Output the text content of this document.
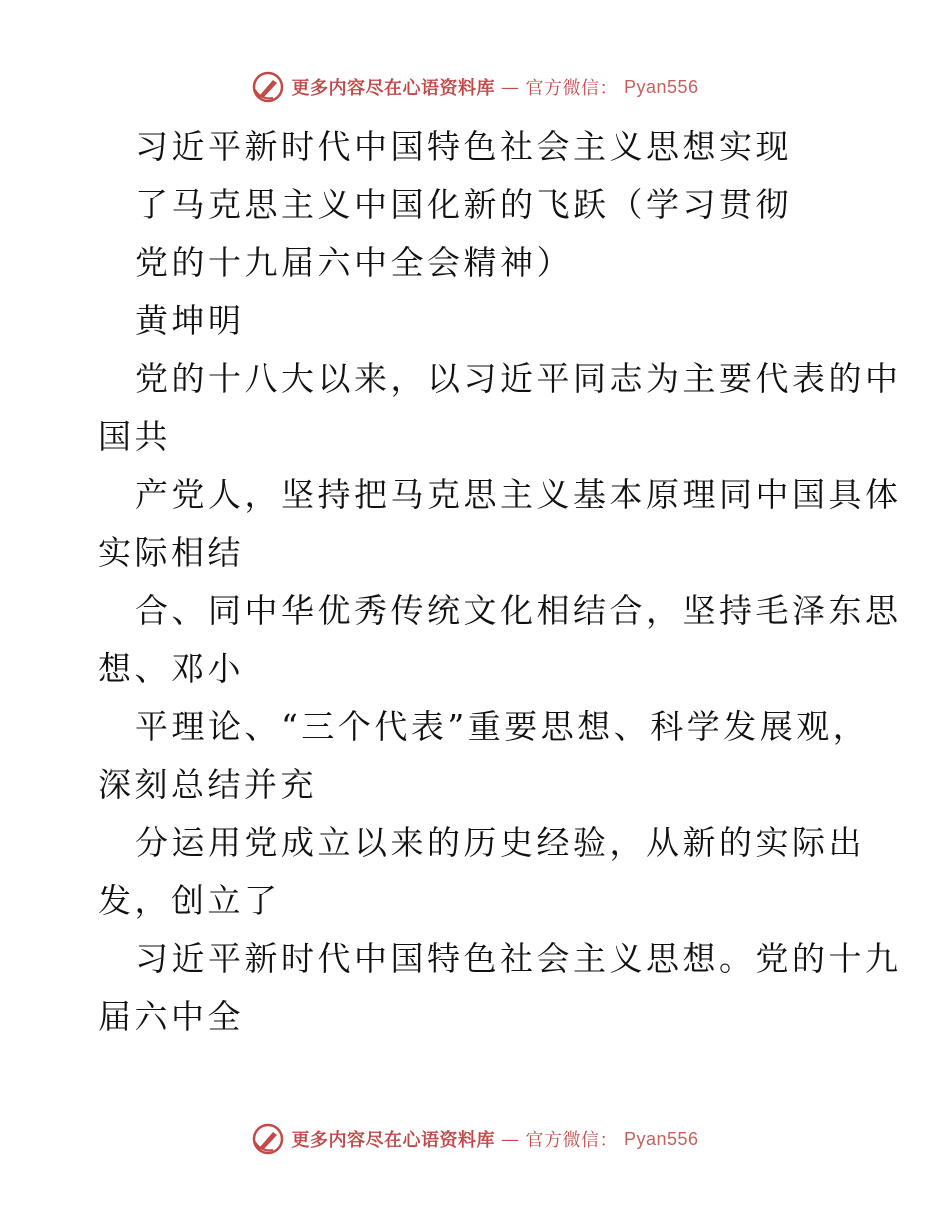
更多内容尽在心语资料库 — 官方微信： Pyan556
习近平新时代中国特色社会主义思想实现
了马克思主义中国化新的飞跃（学习贯彻
党的十九届六中全会精神）
黄坤明
党的十八大以来，以习近平同志为主要代表的中
国共
产党人，坚持把马克思主义基本原理同中国具体
实际相结
合、同中华优秀传统文化相结合，坚持毛泽东思
想、邓小
平理论、“三个代表”重要思想、科学发展观，
深刻总结并充
分运用党成立以来的历史经验，从新的实际出
发，创立了
习近平新时代中国特色社会主义思想。党的十九
届六中全
更多内容尽在心语资料库 — 官方微信： Pyan556
